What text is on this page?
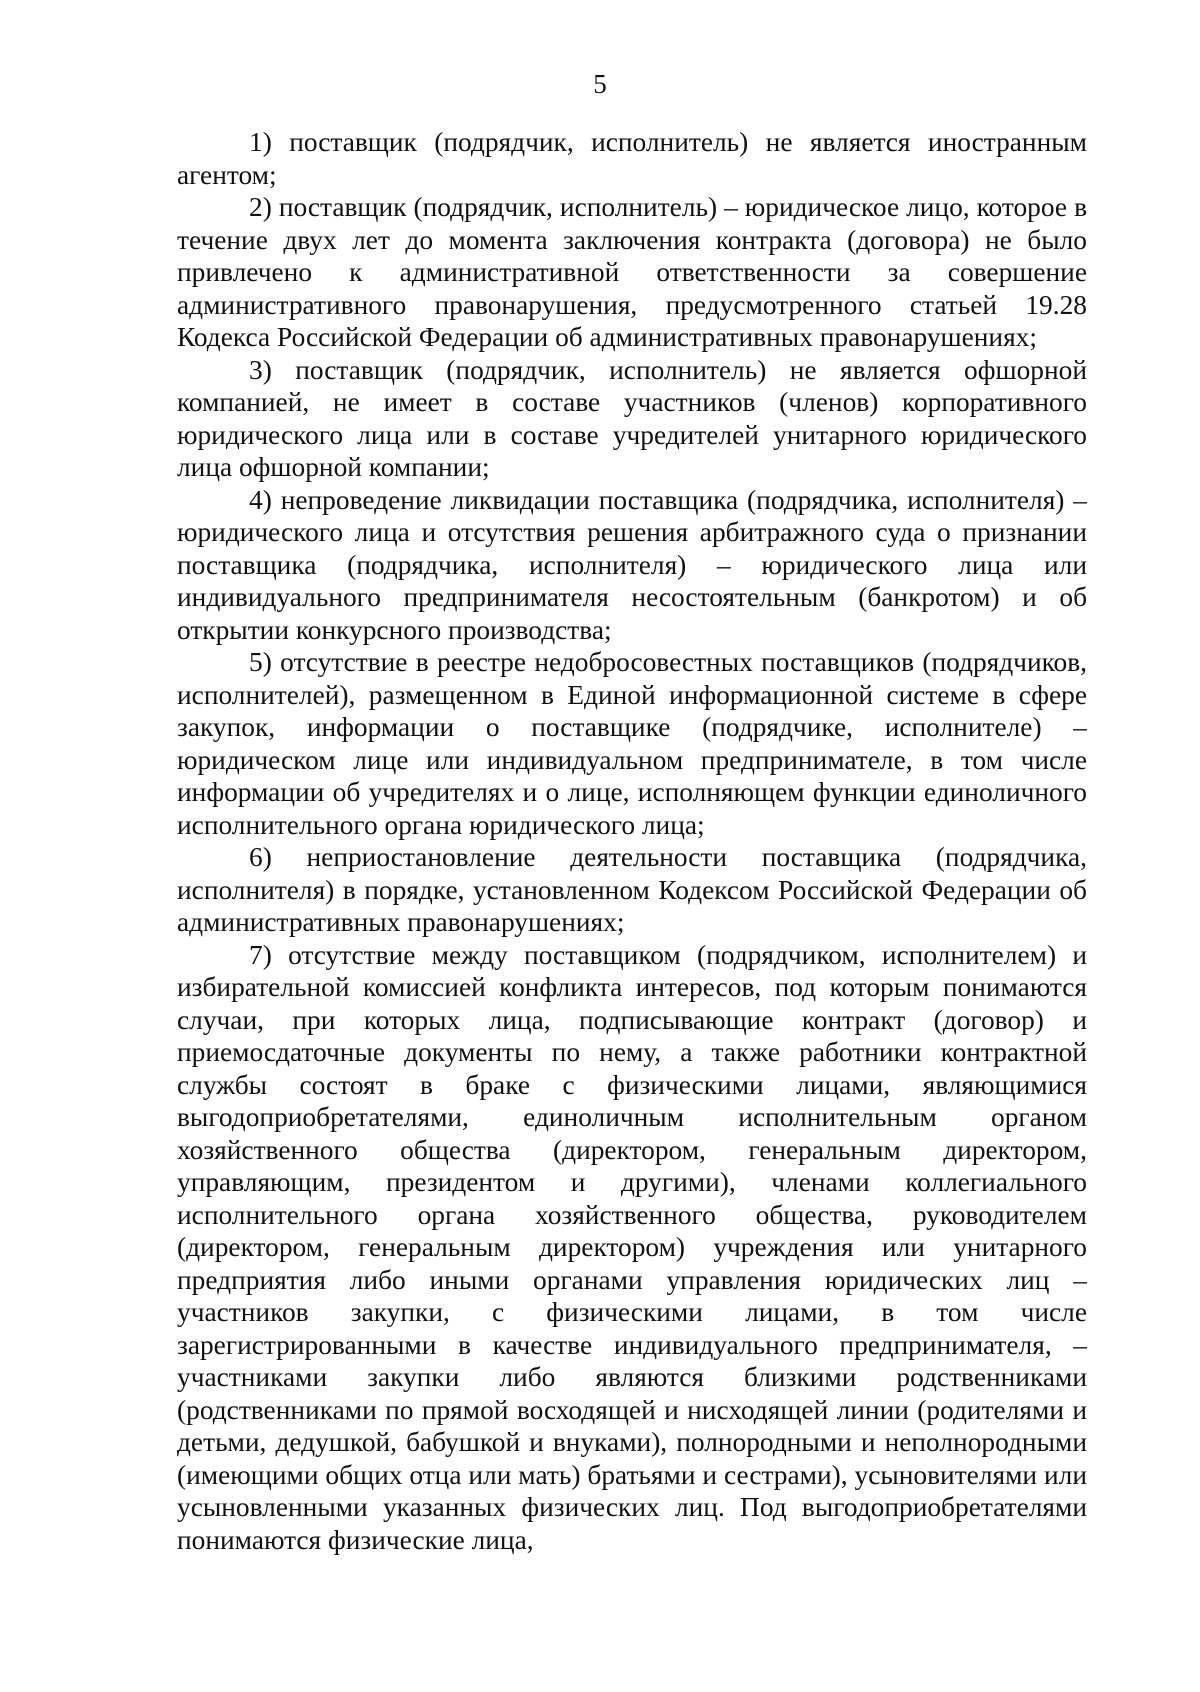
5

1) поставщик (подрядчик, исполнитель) не является иностранным агентом;

2) поставщик (подрядчик, исполнитель) – юридическое лицо, которое в течение двух лет до момента заключения контракта (договора) не было привлечено к административной ответственности за совершение административного правонарушения, предусмотренного статьей 19.28 Кодекса Российской Федерации об административных правонарушениях;

3) поставщик (подрядчик, исполнитель) не является офшорной компанией, не имеет в составе участников (членов) корпоративного юридического лица или в составе учредителей унитарного юридического лица офшорной компании;

4) непроведение ликвидации поставщика (подрядчика, исполнителя) – юридического лица и отсутствия решения арбитражного суда о признании поставщика (подрядчика, исполнителя) – юридического лица или индивидуального предпринимателя несостоятельным (банкротом) и об открытии конкурсного производства;

5) отсутствие в реестре недобросовестных поставщиков (подрядчиков, исполнителей), размещенном в Единой информационной системе в сфере закупок, информации о поставщике (подрядчике, исполнителе) – юридическом лице или индивидуальном предпринимателе, в том числе информации об учредителях и о лице, исполняющем функции единоличного исполнительного органа юридического лица;

6) неприостановление деятельности поставщика (подрядчика, исполнителя) в порядке, установленном Кодексом Российской Федерации об административных правонарушениях;

7) отсутствие между поставщиком (подрядчиком, исполнителем) и избирательной комиссией конфликта интересов, под которым понимаются случаи, при которых лица, подписывающие контракт (договор) и приемосдаточные документы по нему, а также работники контрактной службы состоят в браке с физическими лицами, являющимися выгодоприобретателями, единоличным исполнительным органом хозяйственного общества (директором, генеральным директором, управляющим, президентом и другими), членами коллегиального исполнительного органа хозяйственного общества, руководителем (директором, генеральным директором) учреждения или унитарного предприятия либо иными органами управления юридических лиц – участников закупки, с физическими лицами, в том числе зарегистрированными в качестве индивидуального предпринимателя, – участниками закупки либо являются близкими родственниками (родственниками по прямой восходящей и нисходящей линии (родителями и детьми, дедушкой, бабушкой и внуками), полнородными и неполнородными (имеющими общих отца или мать) братьями и сестрами), усыновителями или усыновленными указанных физических лиц. Под выгодоприобретателями понимаются физические лица,
